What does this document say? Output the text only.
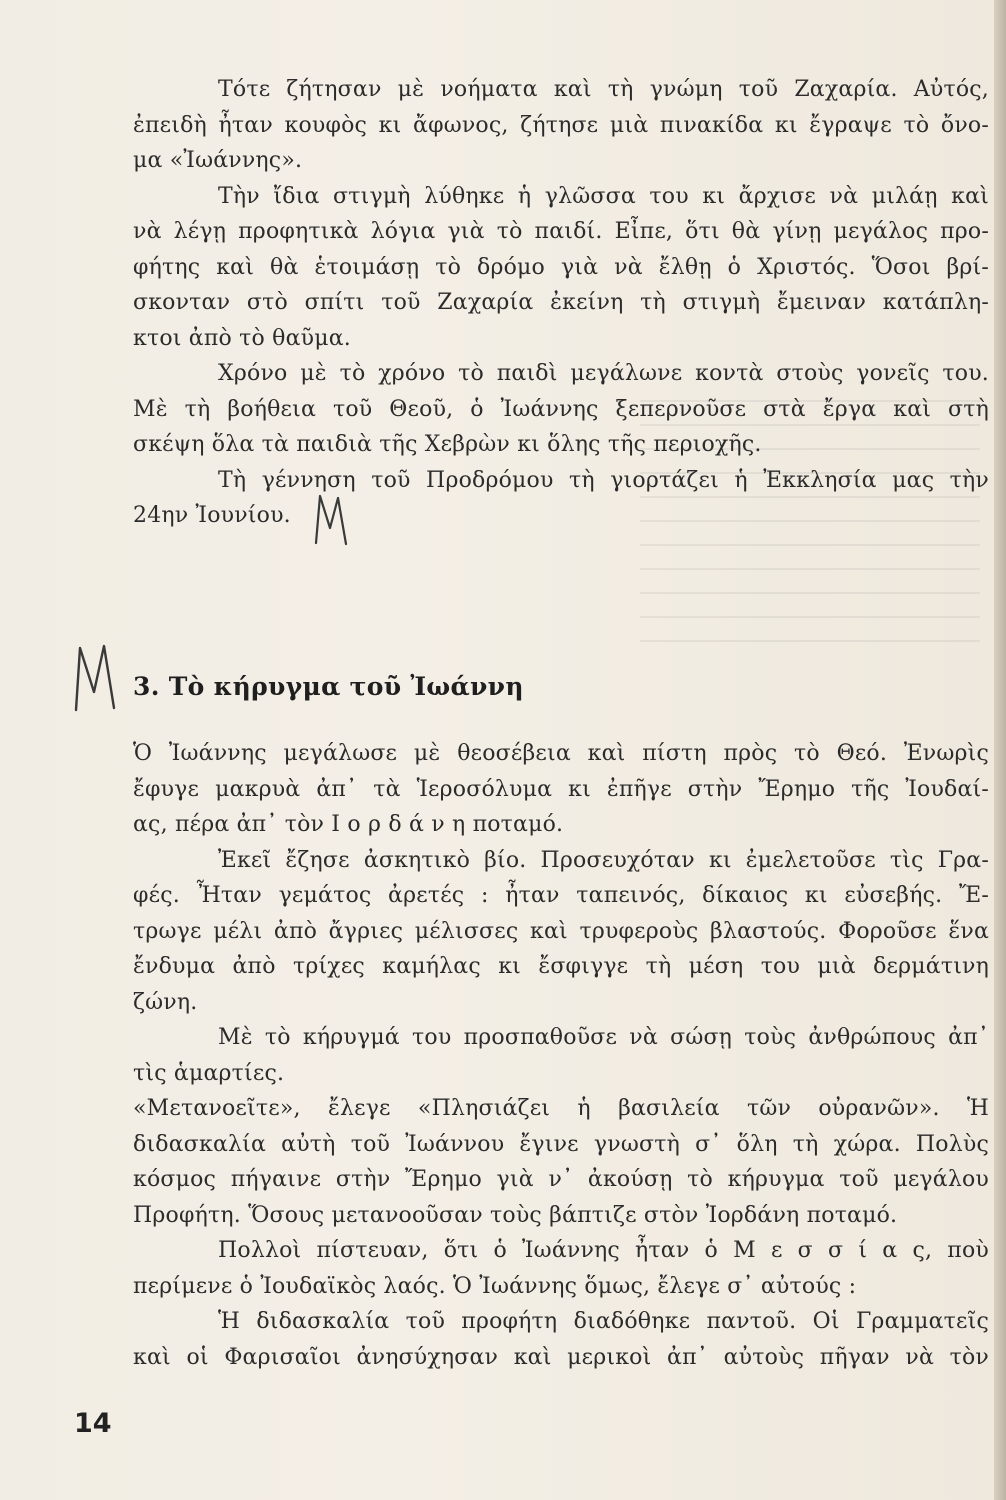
Τότε ζήτησαν μὲ νοήματα καὶ τὴ γνώμη τοῦ Ζαχαρία. Αὐτός,
ἐπειδὴ ἦταν κουφὸς κι ἄφωνος, ζήτησε μιὰ πινακίδα κι ἔγραψε τὸ ὄνο-
μα «Ἰωάννης».
Τὴν ἴδια στιγμὴ λύθηκε ἡ γλῶσσα του κι ἄρχισε νὰ μιλάῃ καὶ
νὰ λέγῃ προφητικὰ λόγια γιὰ τὸ παιδί. Εἶπε, ὅτι θὰ γίνῃ μεγάλος προ-
φήτης καὶ θὰ ἑτοιμάσῃ τὸ δρόμο γιὰ νὰ ἔλθῃ ὁ Χριστός. Ὅσοι βρί-
σκονταν στὸ σπίτι τοῦ Ζαχαρία ἐκείνη τὴ στιγμὴ ἔμειναν κατάπλη-
κτοι ἀπὸ τὸ θαῦμα.
Χρόνο μὲ τὸ χρόνο τὸ παιδὶ μεγάλωνε κοντὰ στοὺς γονεῖς του.
Μὲ τὴ βοήθεια τοῦ Θεοῦ, ὁ Ἰωάννης ξεπερνοῦσε στὰ ἔργα καὶ στὴ
σκέψη ὅλα τὰ παιδιὰ τῆς Χεβρὼν κι ὅλης τῆς περιοχῆς.
Τὴ γέννηση τοῦ Προδρόμου τὴ γιορτάζει ἡ Ἐκκλησία μας τὴν
24ην Ἰουνίου.
3. Τὸ κήρυγμα τοῦ Ἰωάννη
Ὁ Ἰωάννης μεγάλωσε μὲ θεοσέβεια καὶ πίστη πρὸς τὸ Θεό. Ἐνωρὶς
ἔφυγε μακρυὰ ἀπ᾿ τὰ Ἱεροσόλυμα κι ἐπῆγε στὴν Ἔρημο τῆς Ἰουδαί-
ας, πέρα ἀπ᾿ τὸν Ι ο ρ δ ά ν η ποταμό.
Ἐκεῖ ἔζησε ἀσκητικὸ βίο. Προσευχόταν κι ἐμελετοῦσε τὶς Γρα-
φές. Ἦταν γεμάτος ἀρετές : ἦταν ταπεινός, δίκαιος κι εὐσεβής. Ἔ-
τρωγε μέλι ἀπὸ ἄγριες μέλισσες καὶ τρυφεροὺς βλαστούς. Φοροῦσε ἕνα
ἔνδυμα ἀπὸ τρίχες καμήλας κι ἔσφιγγε τὴ μέση του μιὰ δερμάτινη
ζώνη.
Μὲ τὸ κήρυγμά του προσπαθοῦσε νὰ σώσῃ τοὺς ἀνθρώπους ἀπ᾿
τὶς ἁμαρτίες.
«Μετανοεῖτε», ἔλεγε «Πλησιάζει ἡ βασιλεία τῶν οὐρανῶν». Ἡ
διδασκαλία αὐτὴ τοῦ Ἰωάννου ἔγινε γνωστὴ σ᾿ ὅλη τὴ χώρα. Πολὺς
κόσμος πήγαινε στὴν Ἔρημο γιὰ ν᾿ ἀκούσῃ τὸ κήρυγμα τοῦ μεγάλου
Προφήτη. Ὅσους μετανοοῦσαν τοὺς βάπτιζε στὸν Ἰορδάνη ποταμό.
Πολλοὶ πίστευαν, ὅτι ὁ Ἰωάννης ἦταν ὁ Μ ε σ σ ί α ς, ποὺ
περίμενε ὁ Ἰουδαϊκὸς λαός. Ὁ Ἰωάννης ὅμως, ἔλεγε σ᾿ αὐτούς :
Ἡ διδασκαλία τοῦ προφήτη διαδόθηκε παντοῦ. Οἱ Γραμματεῖς
καὶ οἱ Φαρισαῖοι ἀνησύχησαν καὶ μερικοὶ ἀπ᾿ αὐτοὺς πῆγαν νὰ τὸν
14
